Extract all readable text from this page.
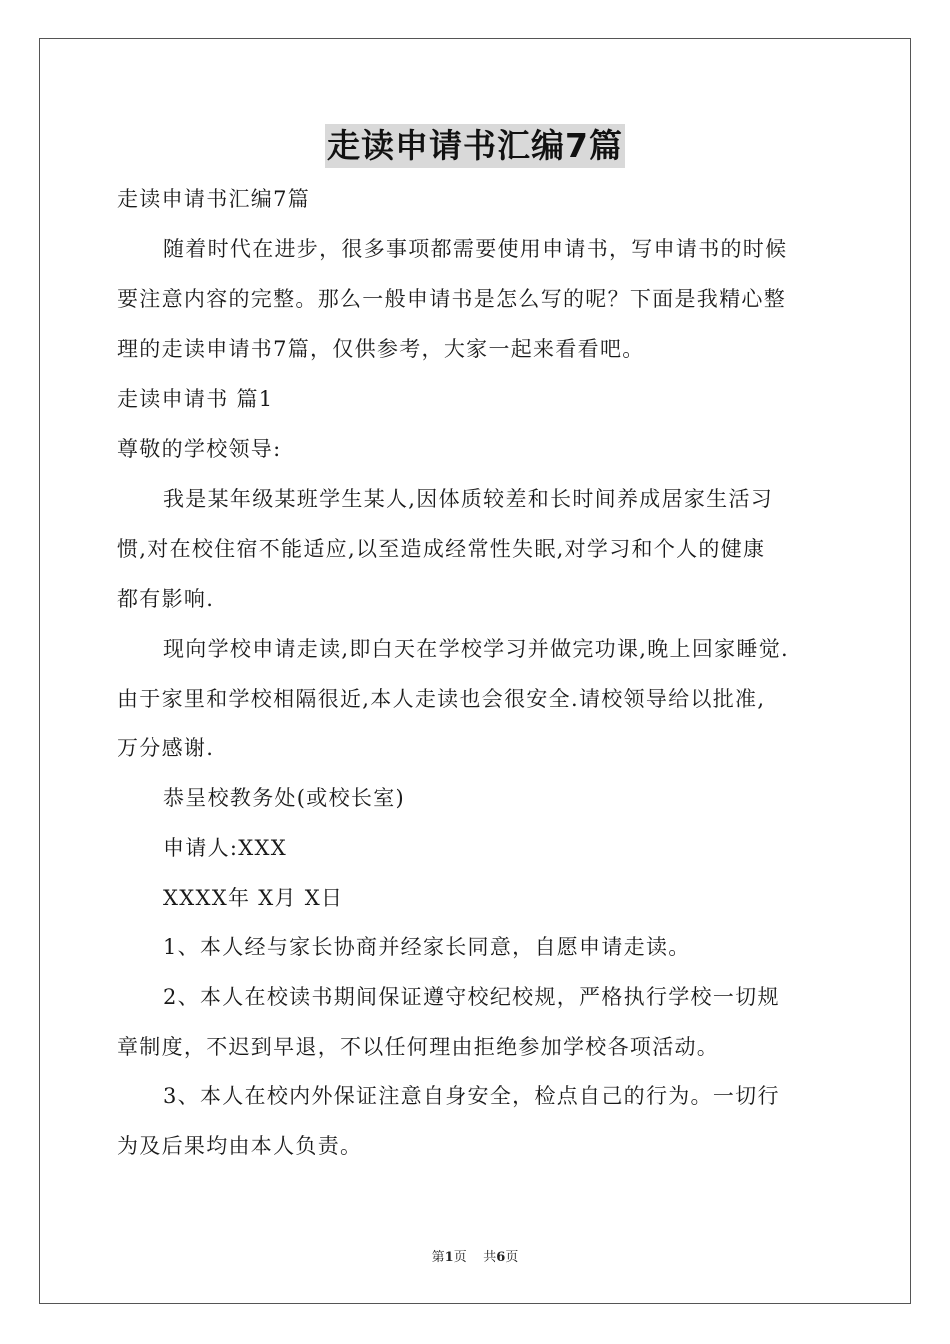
走读申请书汇编7篇
走读申请书汇编7篇
随着时代在进步，很多事项都需要使用申请书，写申请书的时候
要注意内容的完整。那么一般申请书是怎么写的呢？下面是我精心整
理的走读申请书7篇，仅供参考，大家一起来看看吧。
走读申请书 篇1
尊敬的学校领导:
我是某年级某班学生某人,因体质较差和长时间养成居家生活习
惯,对在校住宿不能适应,以至造成经常性失眠,对学习和个人的健康
都有影响.
现向学校申请走读,即白天在学校学习并做完功课,晚上回家睡觉.
由于家里和学校相隔很近,本人走读也会很安全.请校领导给以批准,
万分感谢.
恭呈校教务处(或校长室)
申请人:XXX
XXXX年 X月 X日
1、本人经与家长协商并经家长同意，自愿申请走读。
2、本人在校读书期间保证遵守校纪校规，严格执行学校一切规
章制度，不迟到早退，不以任何理由拒绝参加学校各项活动。
3、本人在校内外保证注意自身安全，检点自己的行为。一切行
为及后果均由本人负责。
第1页 共6页
